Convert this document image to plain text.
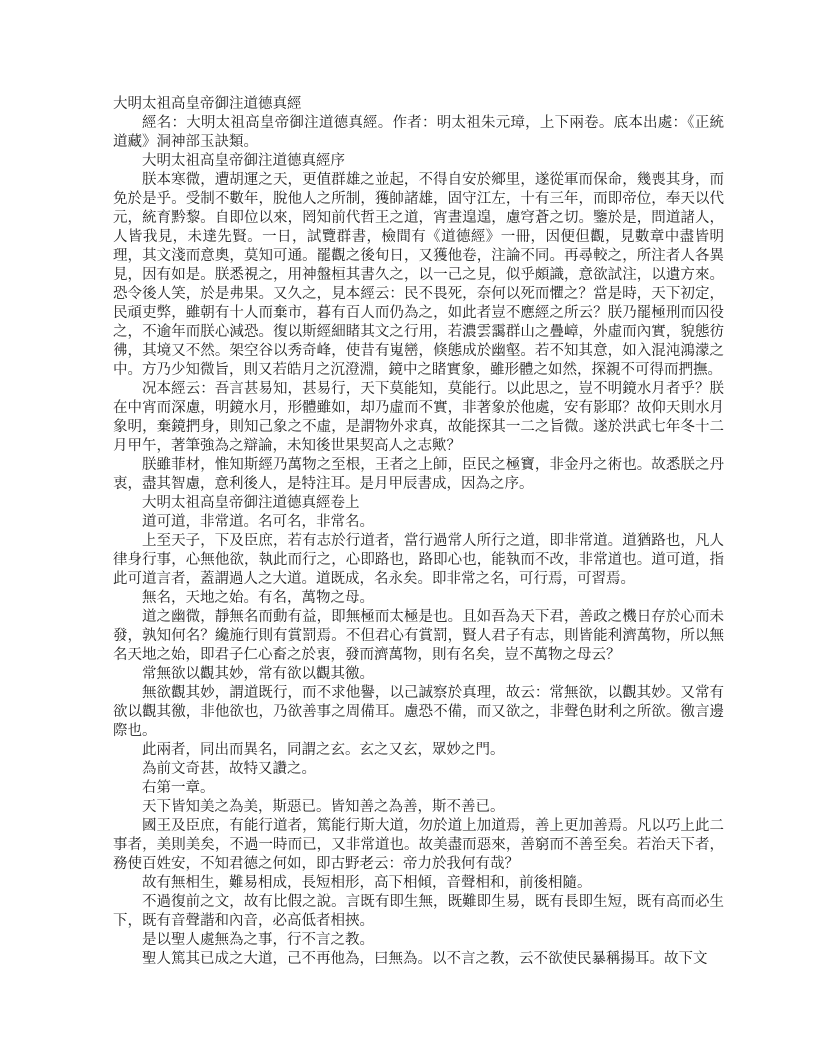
大明太祖高皇帝御注道德真經

經名：大明太祖高皇帝御注道德真經。作者：明太祖朱元璋，上下兩卷。底本出處：《正統道藏》洞神部玉訣類。

大明太祖高皇帝御注道德真經序

朕本寒微，遭胡運之天，更值群雄之並起，不得自安於鄉里，遂從軍而保命，幾喪其身，而免於是乎。受制不數年，脫他人之所制，獲帥諸雄，固守江左，十有三年，而即帝位，奉天以代元，統育黔黎。自即位以來，罔知前代哲王之道，宵晝遑遑，慮穹蒼之切。鑒於是，問道諸人，人皆我見，未達先賢。一日，試覽群書，檢間有《道德經》一冊，因便但觀，見數章中盡皆明理，其文淺而意奧，莫知可通。罷觀之後旬日，又獲他卷，注論不同。再尋較之，所注者人各異見，因有如是。朕悉視之，用神盤桓其書久之，以一己之見，似乎頗識，意欲試注，以遺方來。恐令後人笑，於是弗果。又久之，見本經云：民不畏死，奈何以死而懼之？當是時，天下初定，民頑吏弊，雖朝有十人而棄市，暮有百人而仍為之，如此者豈不應經之所云？朕乃罷極刑而囚役之，不逾年而朕心減恐。復以斯經細睹其文之行用，若濃雲靄群山之疊嶂，外虛而內實，貌態彷彿，其境又不然。架空谷以秀奇峰，使昔有嵬巒，倏態成於幽壑。若不知其意，如入混沌鴻濛之中。方乃少知微旨，則又若皓月之沉澄淵，鏡中之睹實象，雖形體之如然，探親不可得而捫撫。

况本經云：吾言甚易知，甚易行，天下莫能知，莫能行。以此思之，豈不明鏡水月者乎？朕在中宵而深慮，明鏡水月，形體雖如，却乃虛而不實，非著象於他處，安有影耶？故仰天則水月象明，棄鏡捫身，則知己象之不虛，是謂物外求真，故能探其一二之旨微。遂於洪武七年冬十二月甲午，著筆強為之辯論，未知後世果契高人之志歟？

朕雖菲材，惟知斯經乃萬物之至根，王者之上師，臣民之極寶，非金丹之術也。故悉朕之丹衷，盡其智慮，意利後人，是特注耳。是月甲辰書成，因為之序。

大明太祖高皇帝御注道德真經卷上

道可道，非常道。名可名，非常名。

上至天子，下及臣庶，若有志於行道者，當行過常人所行之道，即非常道。道猶路也，凡人律身行事，心無他欲，執此而行之，心即路也，路即心也，能執而不改，非常道也。道可道，指此可道言者，蓋謂過人之大道。道既成，名永矣。即非常之名，可行焉，可習焉。

無名，天地之始。有名，萬物之母。

道之幽微，靜無名而動有益，即無極而太極是也。且如吾為天下君，善政之機日存於心而未發，孰知何名？纔施行則有賞罰焉。不但君心有賞罰，賢人君子有志，則皆能利濟萬物，所以無名天地之始，即君子仁心畜之於衷，發而濟萬物，則有名矣，豈不萬物之母云？

常無欲以觀其妙，常有欲以觀其徼。

無欲觀其妙，謂道既行，而不求他譽，以己誠察於真理，故云：常無欲，以觀其妙。又常有欲以觀其徼，非他欲也，乃欲善事之周備耳。慮恐不備，而又欲之，非聲色財利之所欲。徼言邊際也。

此兩者，同出而異名，同謂之玄。玄之又玄，眾妙之門。

為前文奇甚，故特又讚之。

右第一章。

天下皆知美之為美，斯惡已。皆知善之為善，斯不善已。

國王及臣庶，有能行道者，篤能行斯大道，勿於道上加道焉，善上更加善焉。凡以巧上此二事者，美則美矣，不過一時而已，又非常道也。故美盡而惡來，善窮而不善至矣。若治天下者，務使百姓安，不知君德之何如，即古野老云：帝力於我何有哉？

故有無相生，難易相成，長短相形，高下相傾，音聲相和，前後相隨。

不過復前之文，故有比假之說。言既有即生無，既難即生易，既有長即生短，既有高而必生下，既有音聲諧和內音，必高低者相挾。

是以聖人處無為之事，行不言之教。

聖人篤其已成之大道，己不再他為，曰無為。以不言之教，云不欲使民暴稱揚耳。故下文
